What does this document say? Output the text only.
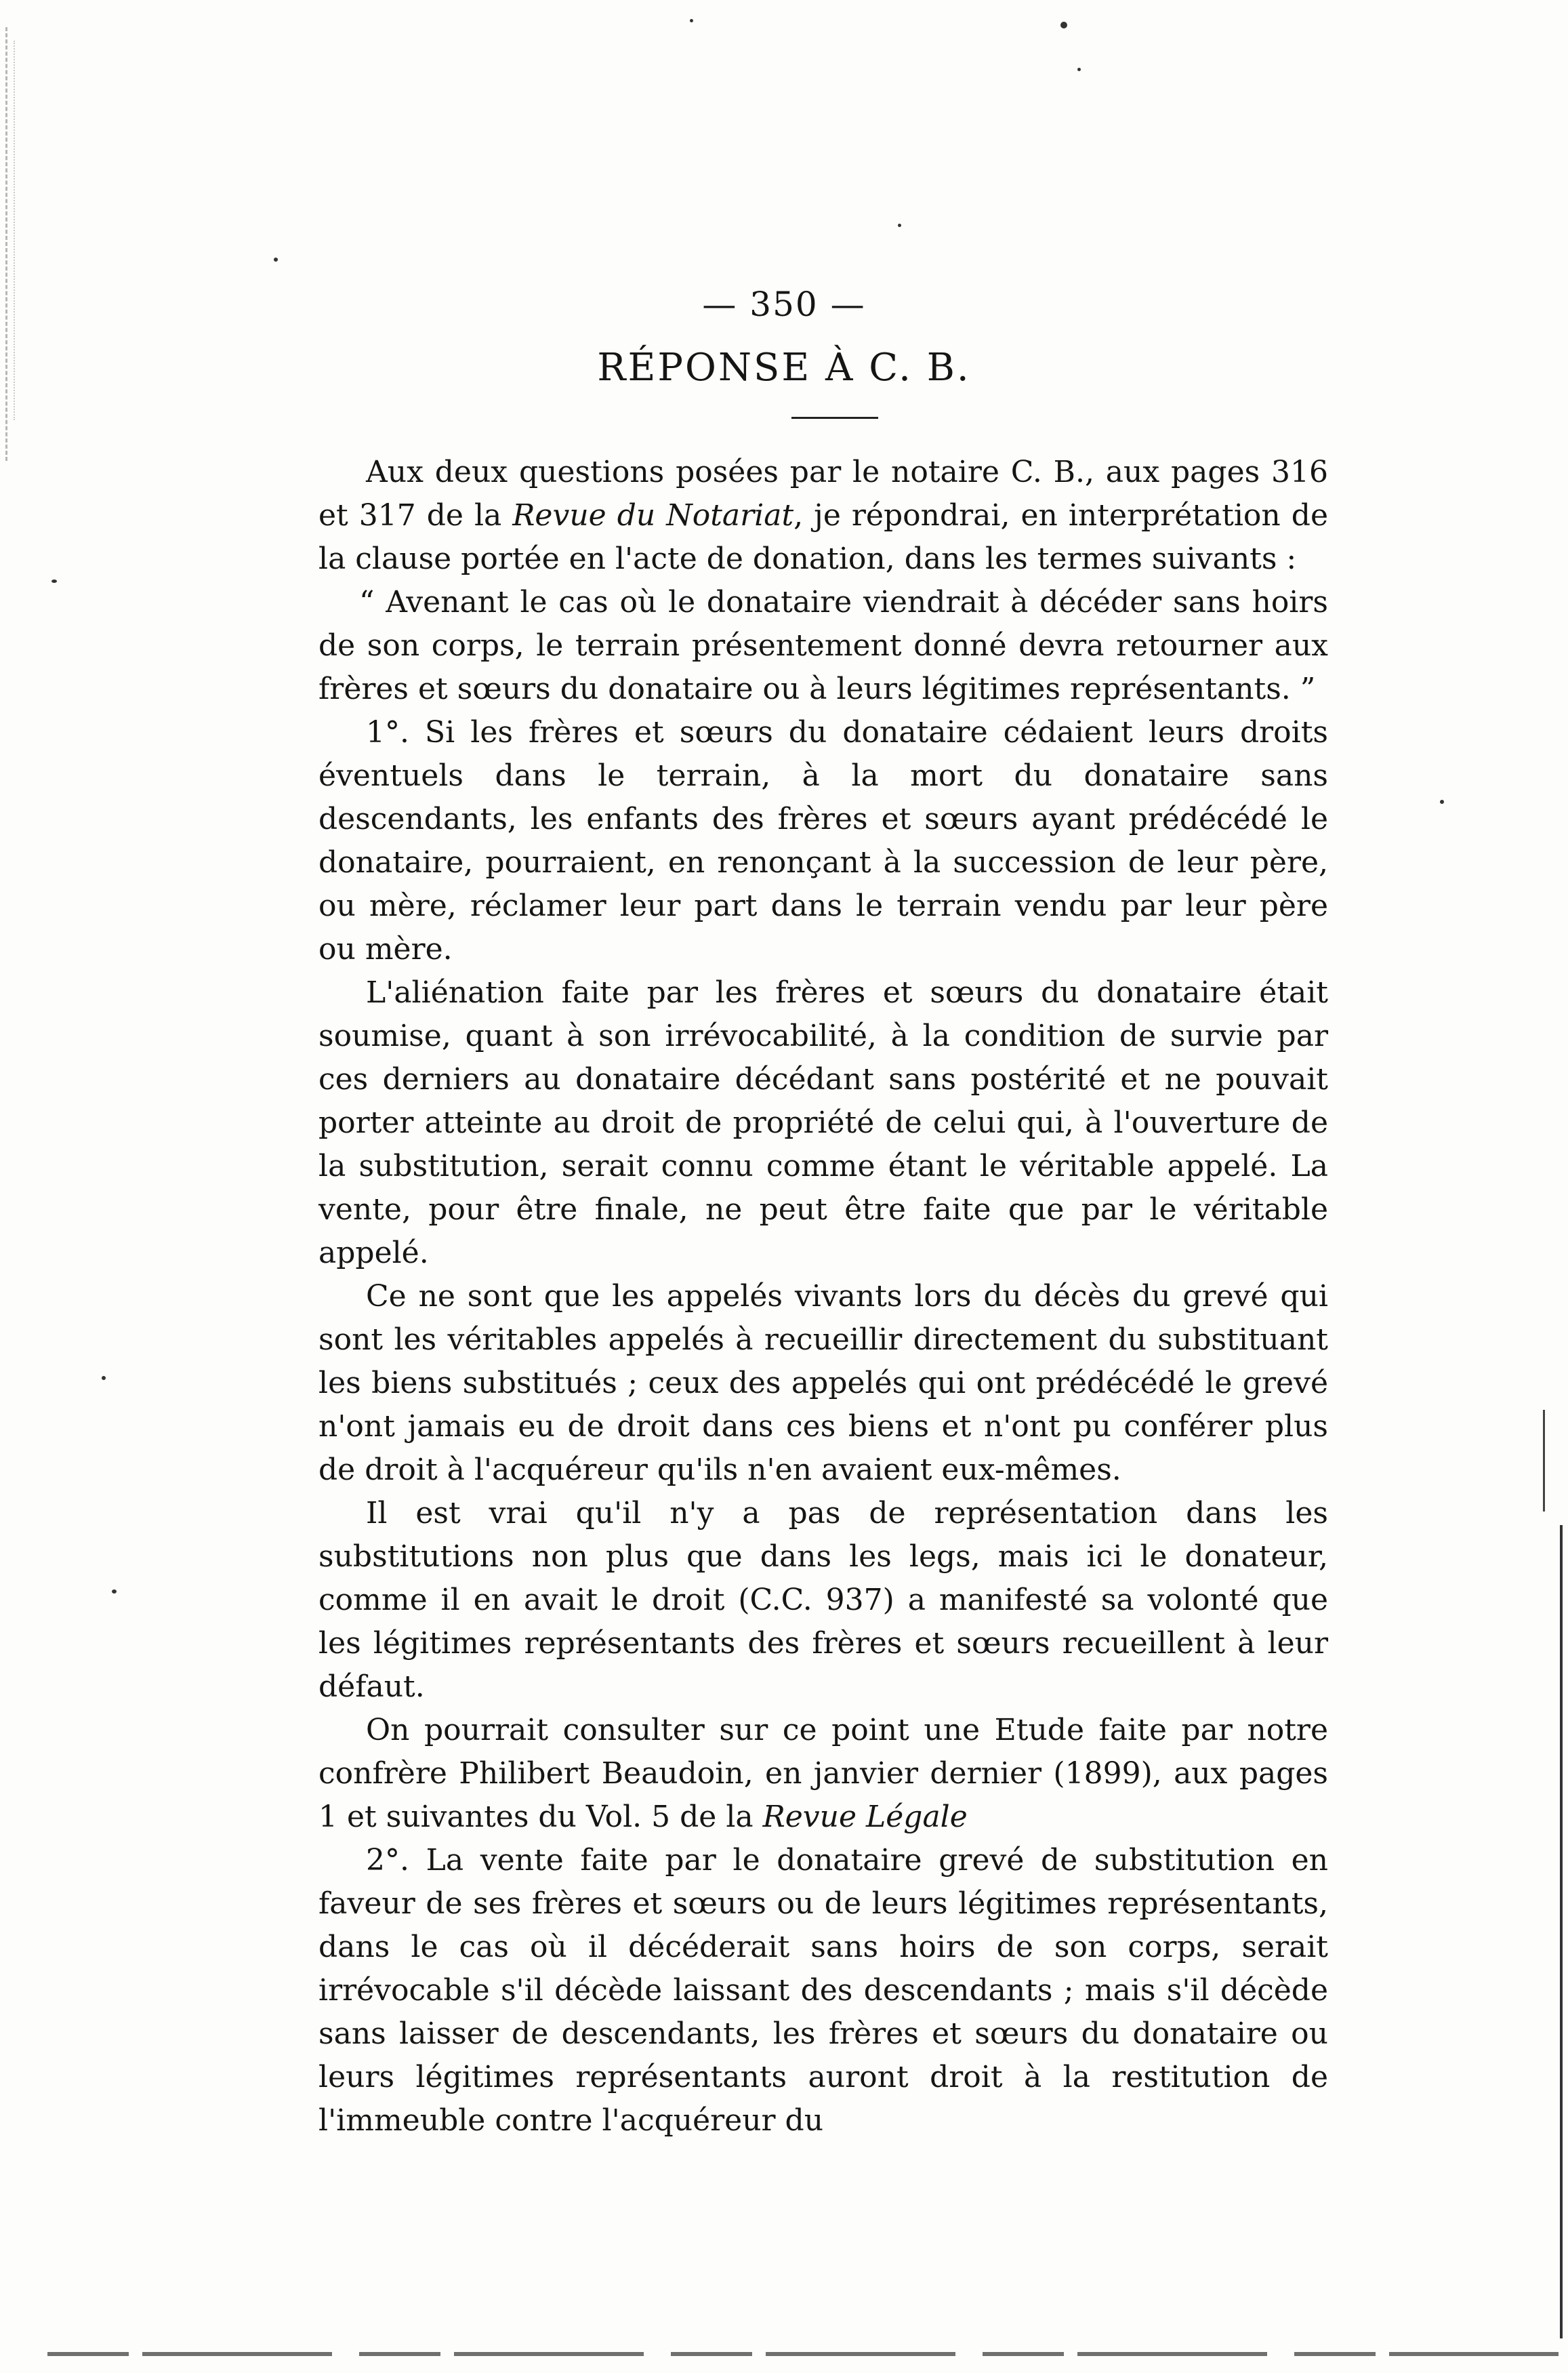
— 350 —
RÉPONSE À C. B.

Aux deux questions posées par le notaire C. B., aux pages 316 et 317 de la Revue du Notariat, je répondrai, en interprétation de la clause portée en l'acte de donation, dans les termes suivants :

“ Avenant le cas où le donataire viendrait à décéder sans hoirs de son corps, le terrain présentement donné devra retourner aux frères et sœurs du donataire ou à leurs légitimes représentants. ”

1°. Si les frères et sœurs du donataire cédaient leurs droits éventuels dans le terrain, à la mort du donataire sans descendants, les enfants des frères et sœurs ayant prédécédé le donataire, pourraient, en renonçant à la succession de leur père, ou mère, réclamer leur part dans le terrain vendu par leur père ou mère.

L'aliénation faite par les frères et sœurs du donataire était soumise, quant à son irrévocabilité, à la condition de survie par ces derniers au donataire décédant sans postérité et ne pouvait porter atteinte au droit de propriété de celui qui, à l'ouverture de la substitution, serait connu comme étant le véritable appelé. La vente, pour être finale, ne peut être faite que par le véritable appelé.

Ce ne sont que les appelés vivants lors du décès du grevé qui sont les véritables appelés à recueillir directement du substituant les biens substitués ; ceux des appelés qui ont prédécédé le grevé n'ont jamais eu de droit dans ces biens et n'ont pu conférer plus de droit à l'acquéreur qu'ils n'en avaient eux-mêmes.

Il est vrai qu'il n'y a pas de représentation dans les substitutions non plus que dans les legs, mais ici le donateur, comme il en avait le droit (C.C. 937) a manifesté sa volonté que les légitimes représentants des frères et sœurs recueillent à leur défaut.

On pourrait consulter sur ce point une Etude faite par notre confrère Philibert Beaudoin, en janvier dernier (1899), aux pages 1 et suivantes du Vol. 5 de la Revue Légale

2°. La vente faite par le donataire grevé de substitution en faveur de ses frères et sœurs ou de leurs légitimes représentants, dans le cas où il décéderait sans hoirs de son corps, serait irrévocable s'il décède laissant des descendants ; mais s'il décède sans laisser de descendants, les frères et sœurs du donataire ou leurs légitimes représentants auront droit à la restitution de l'immeuble contre l'acquéreur du
